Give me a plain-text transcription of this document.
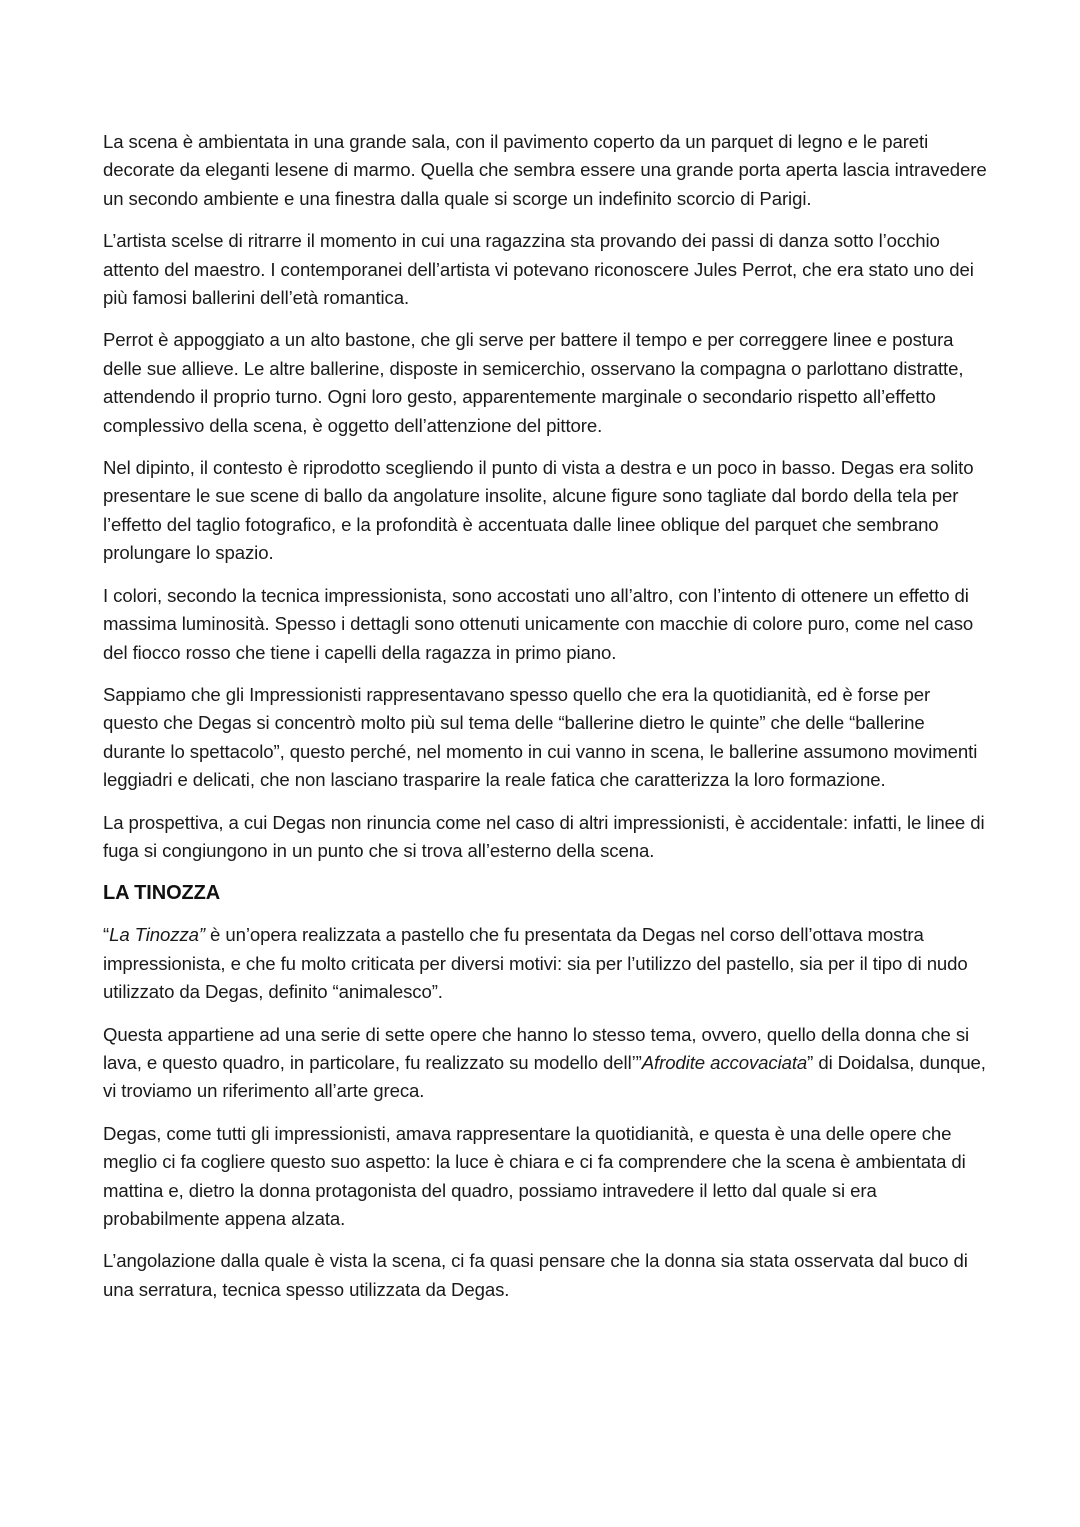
La scena è ambientata in una grande sala, con il pavimento coperto da un parquet di legno e le pareti decorate da eleganti lesene di marmo. Quella che sembra essere una grande porta aperta lascia intravedere un secondo ambiente e una finestra dalla quale si scorge un indefinito scorcio di Parigi.

L’artista scelse di ritrarre il momento in cui una ragazzina sta provando dei passi di danza sotto l’occhio attento del maestro. I contemporanei dell’artista vi potevano riconoscere Jules Perrot, che era stato uno dei più famosi ballerini dell’età romantica.

Perrot è appoggiato a un alto bastone, che gli serve per battere il tempo e per correggere linee e postura delle sue allieve. Le altre ballerine, disposte in semicerchio, osservano la compagna o parlottano distratte, attendendo il proprio turno. Ogni loro gesto, apparentemente marginale o secondario rispetto all’effetto complessivo della scena, è oggetto dell’attenzione del pittore.

Nel dipinto, il contesto è riprodotto scegliendo il punto di vista a destra e un poco in basso. Degas era solito presentare le sue scene di ballo da angolature insolite, alcune figure sono tagliate dal bordo della tela per l’effetto del taglio fotografico, e la profondità è accentuata dalle linee oblique del parquet che sembrano prolungare lo spazio.

I colori, secondo la tecnica impressionista, sono accostati uno all’altro, con l’intento di ottenere un effetto di massima luminosità. Spesso i dettagli sono ottenuti unicamente con macchie di colore puro, come nel caso del fiocco rosso che tiene i capelli della ragazza in primo piano.

Sappiamo che gli Impressionisti rappresentavano spesso quello che era la quotidianità, ed è forse per questo che Degas si concentrò molto più sul tema delle “ballerine dietro le quinte” che delle “ballerine durante lo spettacolo”, questo perché, nel momento in cui vanno in scena, le ballerine assumono movimenti leggiadri e delicati, che non lasciano trasparire la reale fatica che caratterizza la loro formazione.

La prospettiva, a cui Degas non rinuncia come nel caso di altri impressionisti, è accidentale: infatti, le linee di fuga si congiungono in un punto che si trova all’esterno della scena.

LA TINOZZA

“La Tinozza” è un’opera realizzata a pastello che fu presentata da Degas nel corso dell’ottava mostra impressionista, e che fu molto criticata per diversi motivi: sia per l’utilizzo del pastello, sia per il tipo di nudo utilizzato da Degas, definito “animalesco”.

Questa appartiene ad una serie di sette opere che hanno lo stesso tema, ovvero, quello della donna che si lava, e questo quadro, in particolare, fu realizzato su modello dell’”Afrodite accovaciata” di Doidalsa, dunque, vi troviamo un riferimento all’arte greca.

Degas, come tutti gli impressionisti, amava rappresentare la quotidianità, e questa è una delle opere che meglio ci fa cogliere questo suo aspetto: la luce è chiara e ci fa comprendere che la scena è ambientata di mattina e, dietro la donna protagonista del quadro, possiamo intravedere il letto dal quale si era probabilmente appena alzata.

L’angolazione dalla quale è vista la scena, ci fa quasi pensare che la donna sia stata osservata dal buco di una serratura, tecnica spesso utilizzata da Degas.
